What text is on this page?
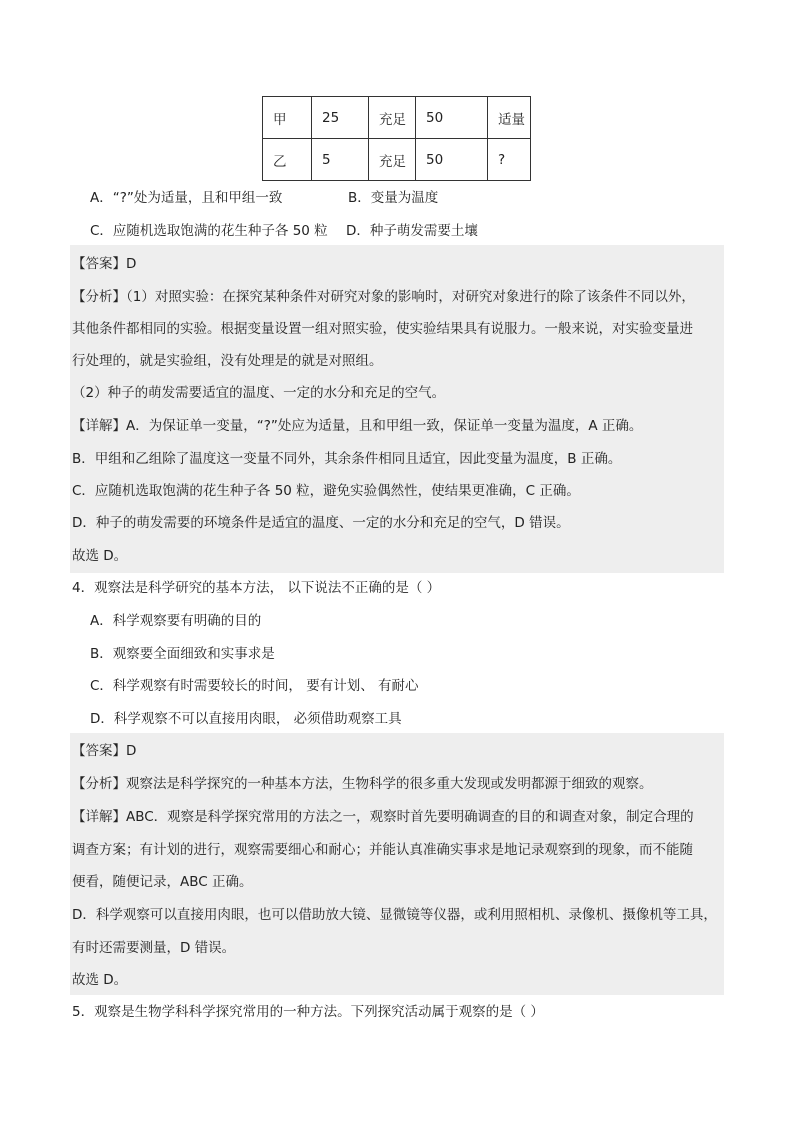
甲	25	充足	50	适量
乙	5	充足	50	?
A．“?”处为适量，且和甲组一致	B．变量为温度
C．应随机选取饱满的花生种子各 50 粒 D．种子萌发需要土壤
【答案】D
【分析】（1）对照实验：在探究某种条件对研究对象的影响时，对研究对象进行的除了该条件不同以外，
其他条件都相同的实验。根据变量设置一组对照实验，使实验结果具有说服力。一般来说，对实验变量进
行处理的，就是实验组，没有处理是的就是对照组。
（2）种子的萌发需要适宜的温度、一定的水分和充足的空气。
【详解】A．为保证单一变量，“?”处应为适量，且和甲组一致，保证单一变量为温度，A 正确。
B．甲组和乙组除了温度这一变量不同外，其余条件相同且适宜，因此变量为温度，B 正确。
C．应随机选取饱满的花生种子各 50 粒，避免实验偶然性，使结果更准确，C 正确。
D．种子的萌发需要的环境条件是适宜的温度、一定的水分和充足的空气，D 错误。
故选 D。
4．观察法是科学研究的基本方法， 以下说法不正确的是（ ）
A．科学观察要有明确的目的
B．观察要全面细致和实事求是
C．科学观察有时需要较长的时间， 要有计划、 有耐心
D．科学观察不可以直接用肉眼， 必须借助观察工具
【答案】D
【分析】观察法是科学探究的一种基本方法，生物科学的很多重大发现或发明都源于细致的观察。
【详解】ABC．观察是科学探究常用的方法之一，观察时首先要明确调查的目的和调查对象，制定合理的
调查方案；有计划的进行，观察需要细心和耐心；并能认真准确实事求是地记录观察到的现象，而不能随
便看，随便记录，ABC 正确。
D．科学观察可以直接用肉眼，也可以借助放大镜、显微镜等仪器，或利用照相机、录像机、摄像机等工具，
有时还需要测量，D 错误。
故选 D。
5．观察是生物学科科学探究常用的一种方法。下列探究活动属于观察的是（ ）
